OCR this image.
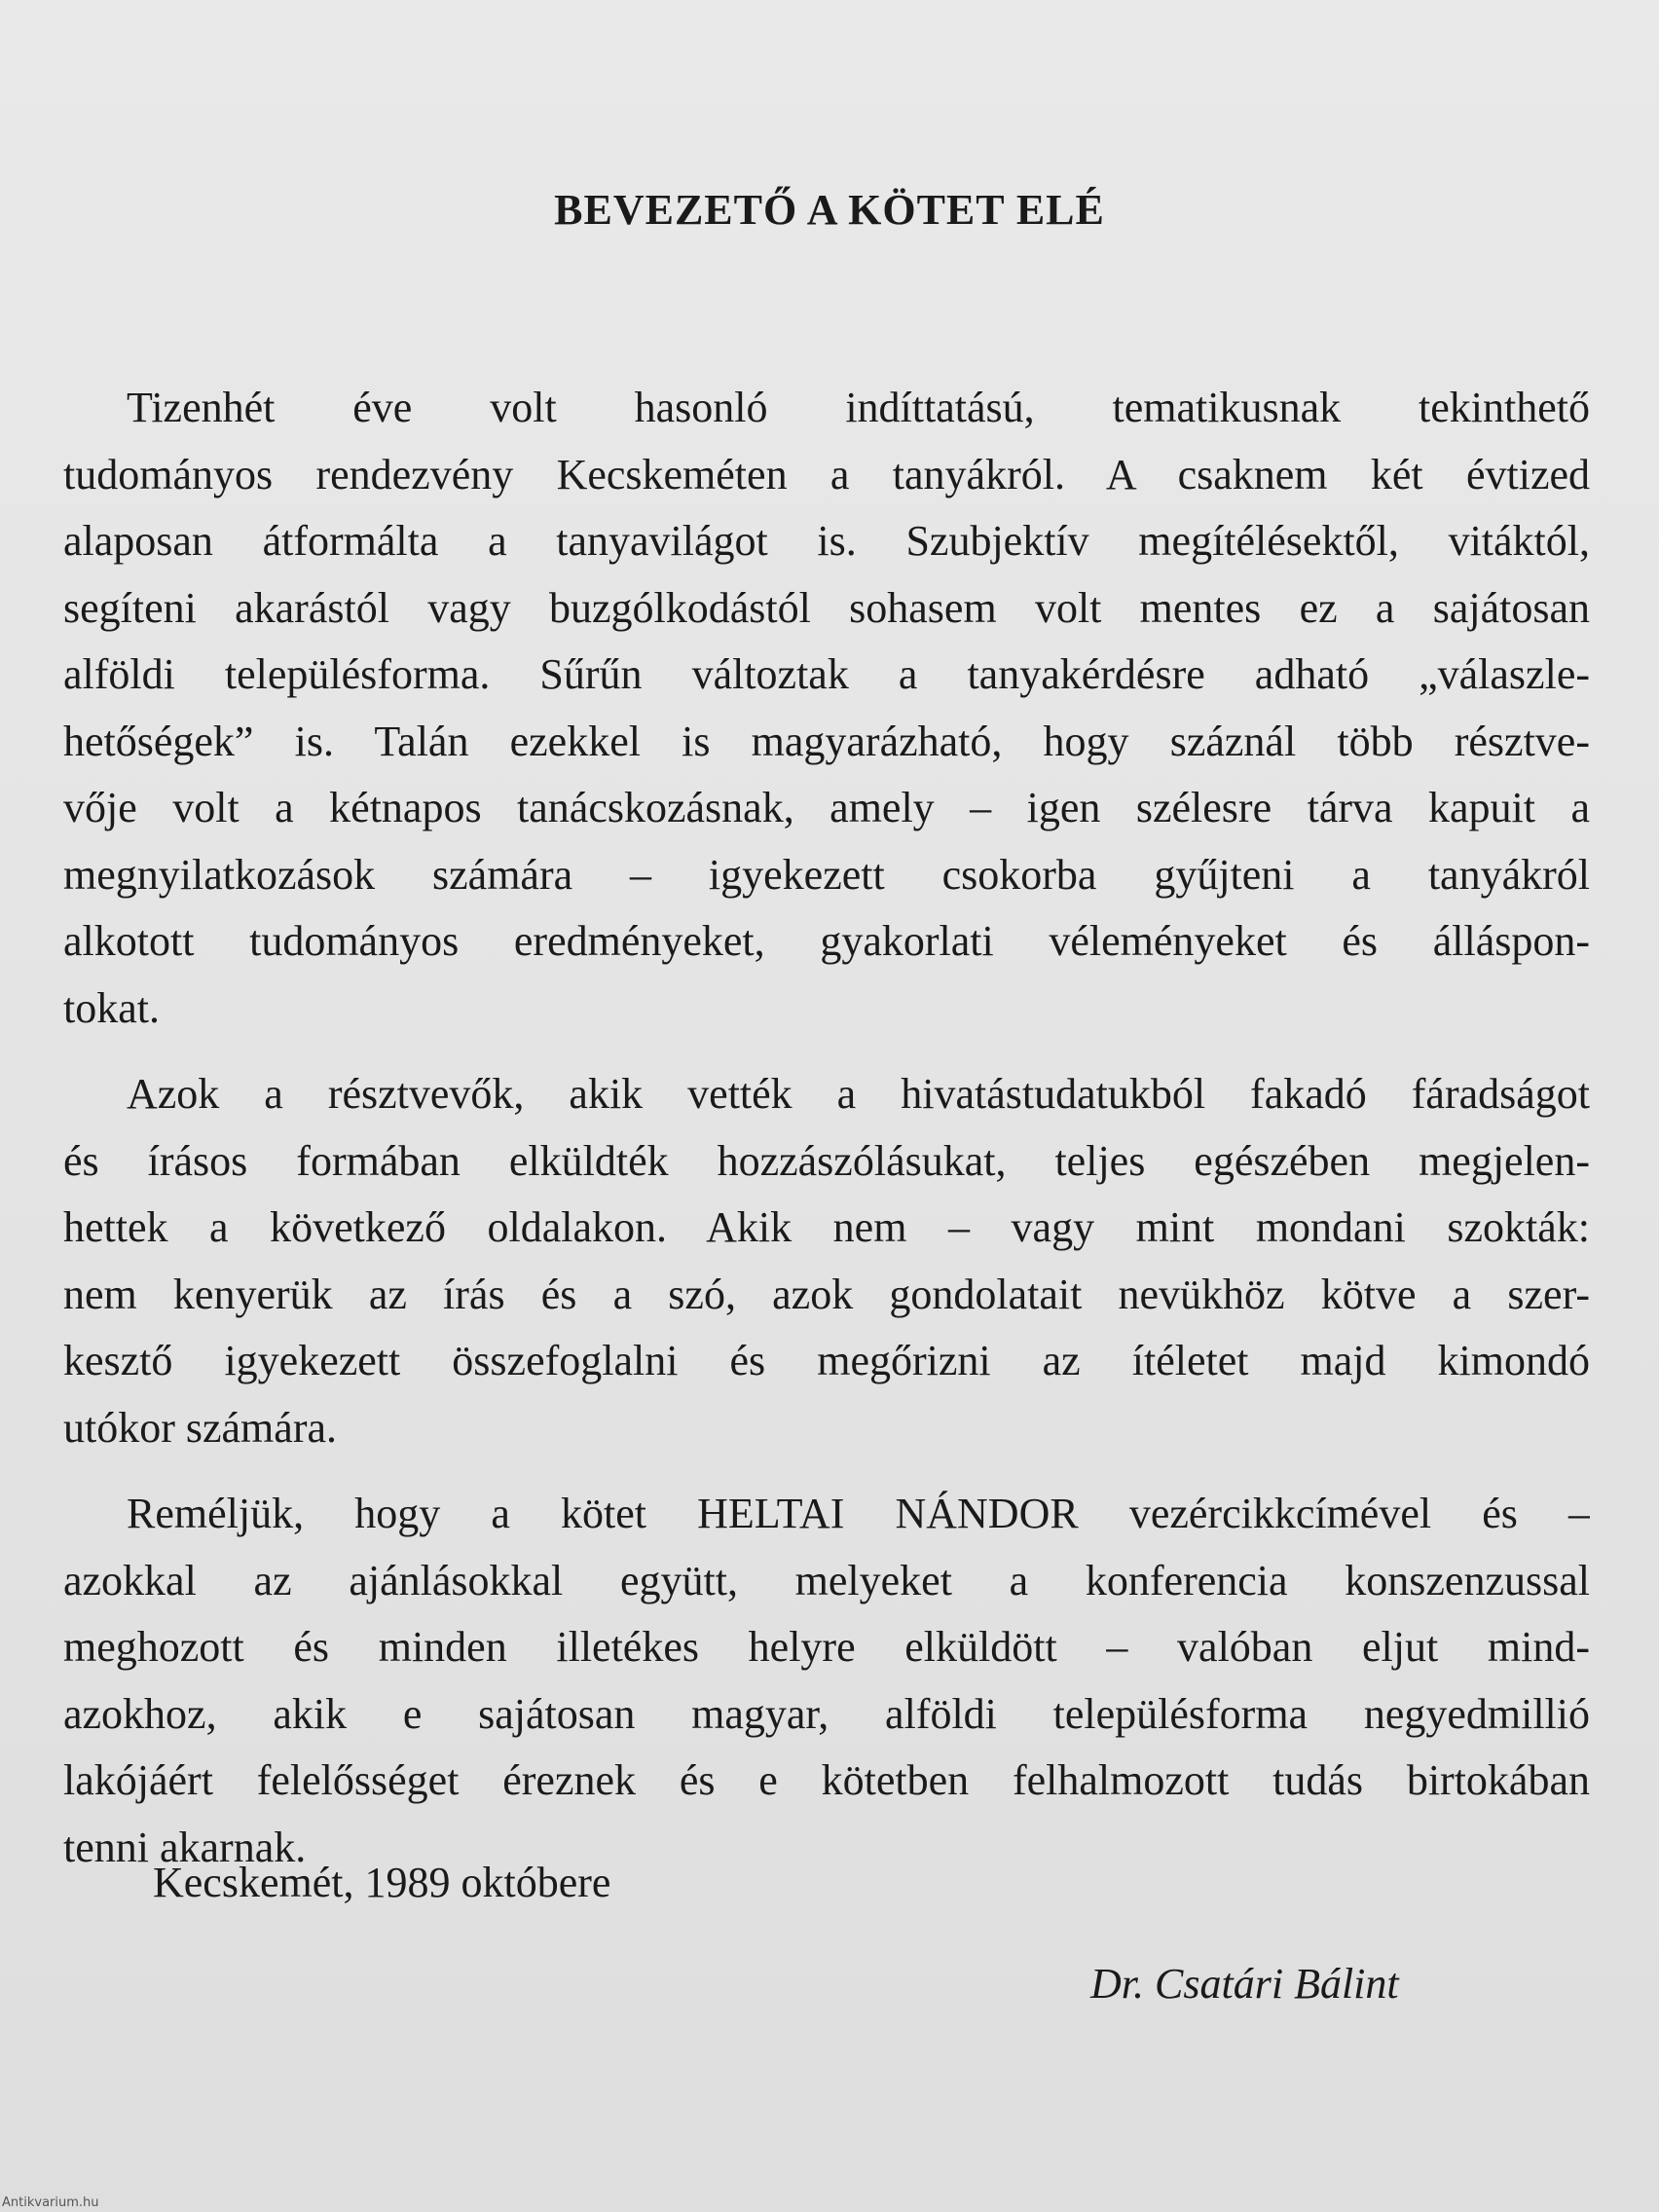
BEVEZETŐ A KÖTET ELÉ

Tizenhét éve volt hasonló indíttatású, tematikusnak tekinthető
tudományos rendezvény Kecskeméten a tanyákról. A csaknem két évtized
alaposan átformálta a tanyavilágot is. Szubjektív megítélésektől, vitáktól,
segíteni akarástól vagy buzgólkodástól sohasem volt mentes ez a sajátosan
alföldi településforma. Sűrűn változtak a tanyakérdésre adható „válaszle-
hetőségek” is. Talán ezekkel is magyarázható, hogy száznál több résztve-
vője volt a kétnapos tanácskozásnak, amely – igen szélesre tárva kapuit a
megnyilatkozások számára – igyekezett csokorba gyűjteni a tanyákról
alkotott tudományos eredményeket, gyakorlati véleményeket és álláspon-
tokat.

Azok a résztvevők, akik vették a hivatástudatukból fakadó fáradságot
és írásos formában elküldték hozzászólásukat, teljes egészében megjelen-
hettek a következő oldalakon. Akik nem – vagy mint mondani szokták:
nem kenyerük az írás és a szó, azok gondolatait nevükhöz kötve a szer-
kesztő igyekezett összefoglalni és megőrizni az ítéletet majd kimondó
utókor számára.

Reméljük, hogy a kötet HELTAI NÁNDOR vezércikkcímével és –
azokkal az ajánlásokkal együtt, melyeket a konferencia konszenzussal
meghozott és minden illetékes helyre elküldött – valóban eljut mind-
azokhoz, akik e sajátosan magyar, alföldi településforma negyedmillió
lakójáért felelősséget éreznek és e kötetben felhalmozott tudás birtokában
tenni akarnak.

Kecskemét, 1989 októbere

Dr. Csatári Bálint

Antikvarium.hu
